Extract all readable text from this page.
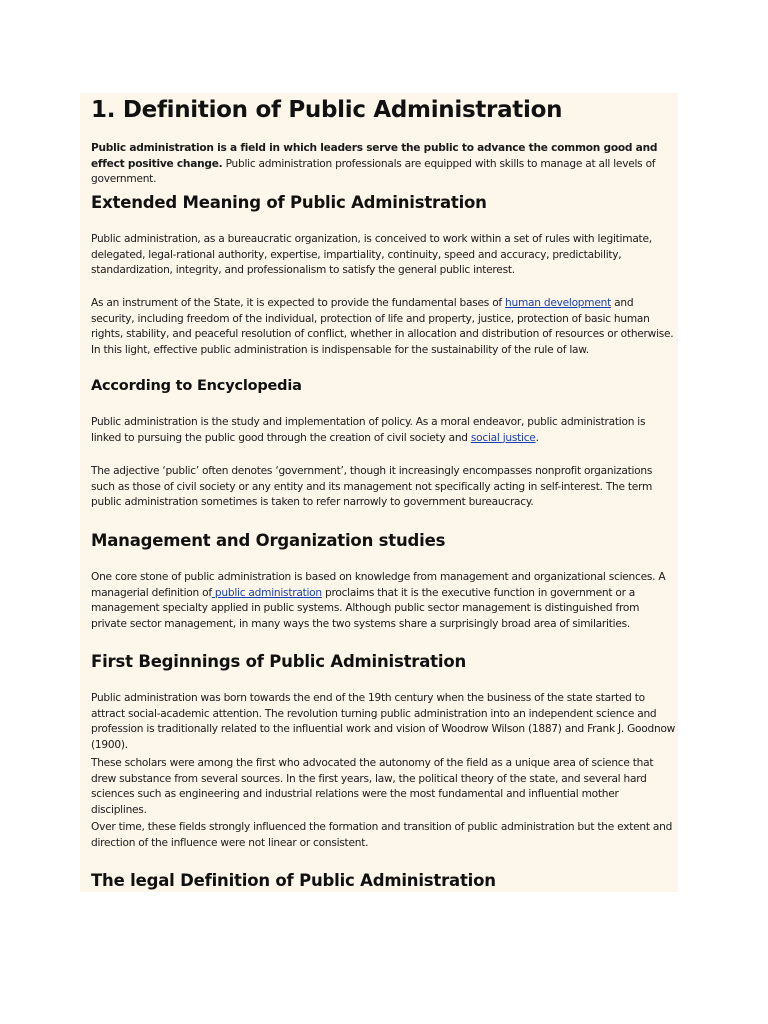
1. Definition of Public Administration

Public administration is a field in which leaders serve the public to advance the common good and effect positive change. Public administration professionals are equipped with skills to manage at all levels of government.

Extended Meaning of Public Administration

Public administration, as a bureaucratic organization, is conceived to work within a set of rules with legitimate, delegated, legal-rational authority, expertise, impartiality, continuity, speed and accuracy, predictability, standardization, integrity, and professionalism to satisfy the general public interest.

As an instrument of the State, it is expected to provide the fundamental bases of human development and security, including freedom of the individual, protection of life and property, justice, protection of basic human rights, stability, and peaceful resolution of conflict, whether in allocation and distribution of resources or otherwise. In this light, effective public administration is indispensable for the sustainability of the rule of law.

According to Encyclopedia

Public administration is the study and implementation of policy. As a moral endeavor, public administration is linked to pursuing the public good through the creation of civil society and social justice.

The adjective ‘public’ often denotes ‘government’, though it increasingly encompasses nonprofit organizations such as those of civil society or any entity and its management not specifically acting in self-interest. The term public administration sometimes is taken to refer narrowly to government bureaucracy.

Management and Organization studies

One core stone of public administration is based on knowledge from management and organizational sciences. A managerial definition of public administration proclaims that it is the executive function in government or a management specialty applied in public systems. Although public sector management is distinguished from private sector management, in many ways the two systems share a surprisingly broad area of similarities.

First Beginnings of Public Administration

Public administration was born towards the end of the 19th century when the business of the state started to attract social-academic attention. The revolution turning public administration into an independent science and profession is traditionally related to the influential work and vision of Woodrow Wilson (1887) and Frank J. Goodnow (1900).

These scholars were among the first who advocated the autonomy of the field as a unique area of science that drew substance from several sources. In the first years, law, the political theory of the state, and several hard sciences such as engineering and industrial relations were the most fundamental and influential mother disciplines.

Over time, these fields strongly influenced the formation and transition of public administration but the extent and direction of the influence were not linear or consistent.

The legal Definition of Public Administration
